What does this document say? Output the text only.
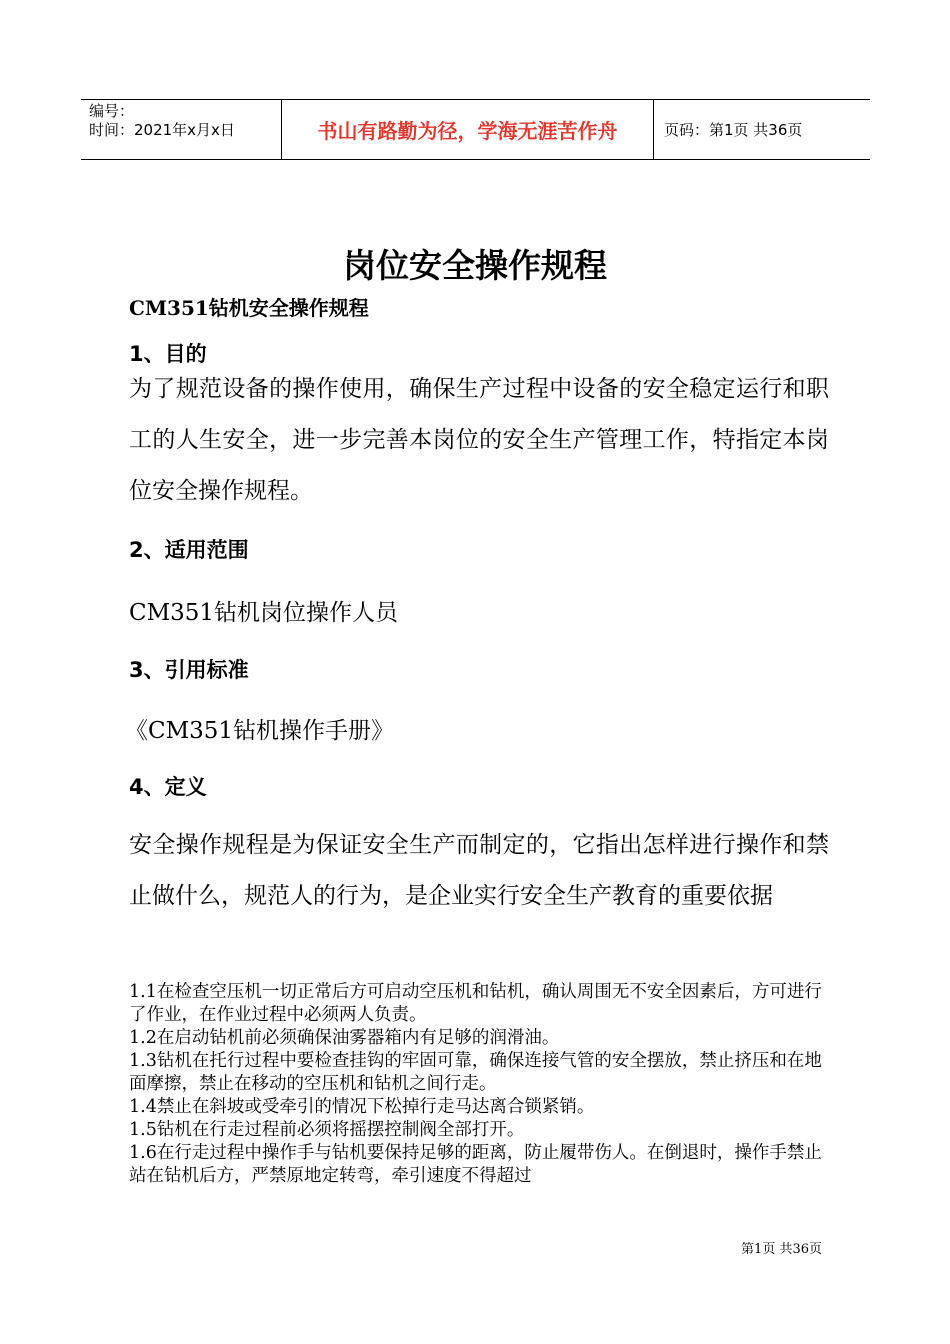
编号：
时间：2021年x月x日	书山有路勤为径，学海无涯苦作舟	页码：第1页 共36页
岗位安全操作规程
CM351钻机安全操作规程
1、目的
为了规范设备的操作使用，确保生产过程中设备的安全稳定运行和职工的人生安全，进一步完善本岗位的安全生产管理工作，特指定本岗位安全操作规程。
2、适用范围
CM351钻机岗位操作人员
3、引用标准
《CM351钻机操作手册》
4、定义
安全操作规程是为保证安全生产而制定的，它指出怎样进行操作和禁止做什么，规范人的行为，是企业实行安全生产教育的重要依据
1.1在检查空压机一切正常后方可启动空压机和钻机，确认周围无不安全因素后，方可进行了作业，在作业过程中必须两人负责。
1.2在启动钻机前必须确保油雾器箱内有足够的润滑油。
1.3钻机在托行过程中要检查挂钩的牢固可靠，确保连接气管的安全摆放，禁止挤压和在地面摩擦，禁止在移动的空压机和钻机之间行走。
1.4禁止在斜坡或受牵引的情况下松掉行走马达离合锁紧销。
1.5钻机在行走过程前必须将摇摆控制阀全部打开。
1.6在行走过程中操作手与钻机要保持足够的距离，防止履带伤人。在倒退时，操作手禁止站在钻机后方，严禁原地定转弯，牵引速度不得超过
第1页 共36页
